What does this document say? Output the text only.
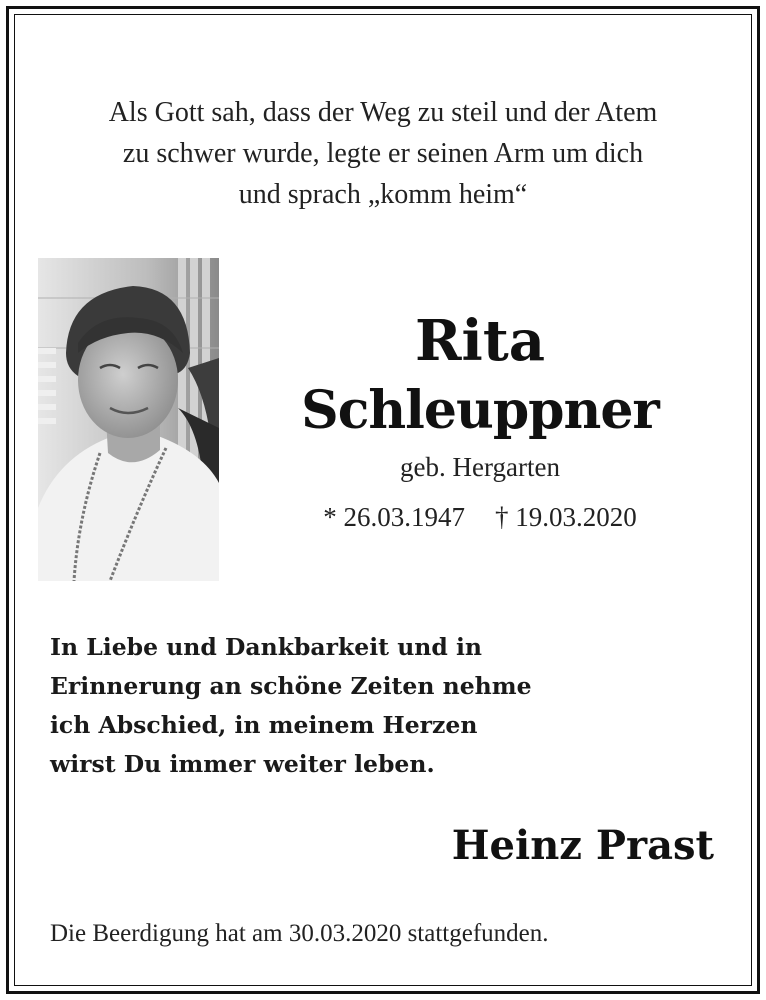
Als Gott sah, dass der Weg zu steil und der Atem
zu schwer wurde, legte er seinen Arm um dich
und sprach „komm heim“
Rita
Schleuppner
geb. Hergarten
* 26.03.1947 † 19.03.2020
In Liebe und Dankbarkeit und in
Erinnerung an schöne Zeiten nehme
ich Abschied, in meinem Herzen
wirst Du immer weiter leben.
Heinz Prast
Die Beerdigung hat am 30.03.2020 stattgefunden.
